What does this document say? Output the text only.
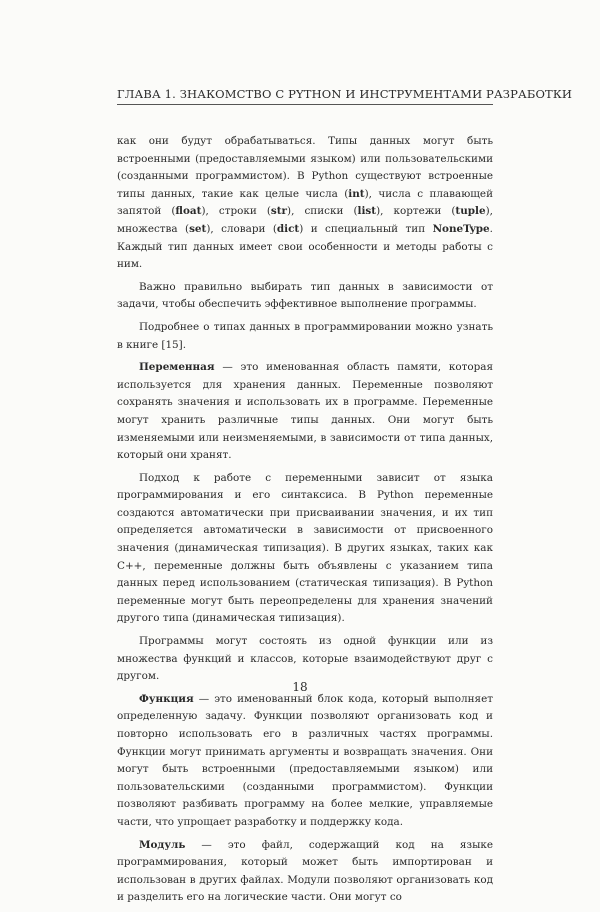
ГЛАВА 1. ЗНАКОМСТВО С PYTHON И ИНСТРУМЕНТАМИ РАЗРАБОТКИ

как они будут обрабатываться. Типы данных могут быть встроенными (предоставляемыми языком) или пользовательскими (созданными программистом). В Python существуют встроенные типы данных, такие как целые числа (int), числа с плавающей запятой (float), строки (str), списки (list), кортежи (tuple), множества (set), словари (dict) и специальный тип NoneType. Каждый тип данных имеет свои особенности и методы работы с ним.

Важно правильно выбирать тип данных в зависимости от задачи, чтобы обеспечить эффективное выполнение программы.

Подробнее о типах данных в программировании можно узнать в книге [15].

Переменная — это именованная область памяти, которая используется для хранения данных. Переменные позволяют сохранять значения и использовать их в программе. Переменные могут хранить различные типы данных. Они могут быть изменяемыми или неизменяемыми, в зависимости от типа данных, который они хранят.

Подход к работе с переменными зависит от языка программирования и его синтаксиса. В Python переменные создаются автоматически при присваивании значения, и их тип определяется автоматически в зависимости от присвоенного значения (динамическая типизация). В других языках, таких как C++, переменные должны быть объявлены с указанием типа данных перед использованием (статическая типизация). В Python переменные могут быть переопределены для хранения значений другого типа (динамическая типизация).

Программы могут состоять из одной функции или из множества функций и классов, которые взаимодействуют друг с другом.

Функция — это именованный блок кода, который выполняет определенную задачу. Функции позволяют организовать код и повторно использовать его в различных частях программы. Функции могут принимать аргументы и возвращать значения. Они могут быть встроенными (предоставляемыми языком) или пользовательскими (созданными программистом). Функции позволяют разбивать программу на более мелкие, управляемые части, что упрощает разработку и поддержку кода.

Модуль — это файл, содержащий код на языке программирования, который может быть импортирован и использован в других файлах. Модули позволяют организовать код и разделить его на логические части. Они могут со

18
